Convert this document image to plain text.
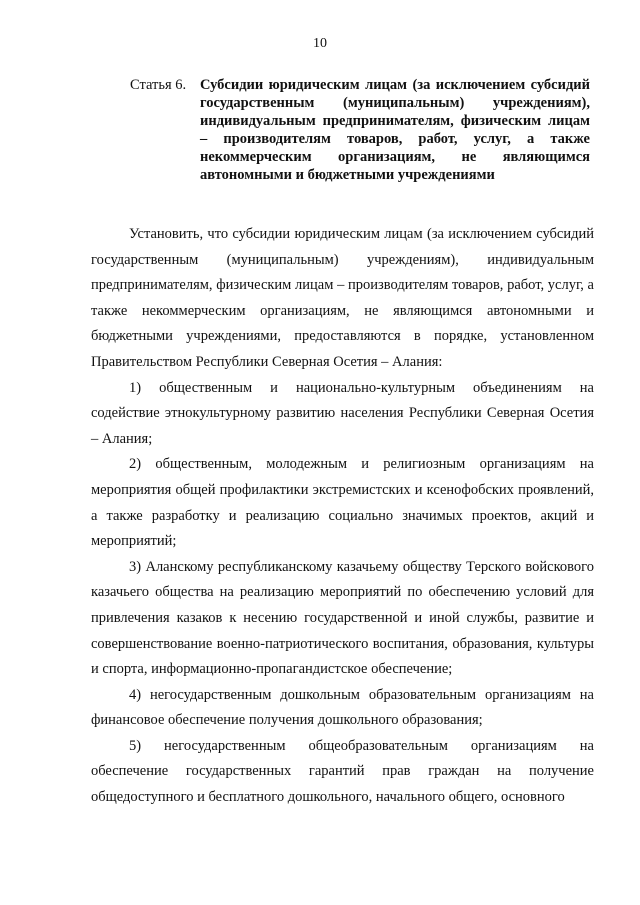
10
Статья 6. Субсидии юридическим лицам (за исключением субсидий государственным (муниципальным) учреждениям), индивидуальным предпринимателям, физическим лицам – производителям товаров, работ, услуг, а также некоммерческим организациям, не являющимся автономными и бюджетными учреждениями

Установить, что субсидии юридическим лицам (за исключением субсидий государственным (муниципальным) учреждениям), индивидуальным предпринимателям, физическим лицам – производителям товаров, работ, услуг, а также некоммерческим организациям, не являющимся автономными и бюджетными учреждениями, предоставляются в порядке, установленном Правительством Республики Северная Осетия – Алания:

1) общественным и национально-культурным объединениям на содействие этнокультурному развитию населения Республики Северная Осетия – Алания;

2) общественным, молодежным и религиозным организациям на мероприятия общей профилактики экстремистских и ксенофобских проявлений, а также разработку и реализацию социально значимых проектов, акций и мероприятий;

3) Аланскому республиканскому казачьему обществу Терского войскового казачьего общества на реализацию мероприятий по обеспечению условий для привлечения казаков к несению государственной и иной службы, развитие и совершенствование военно-патриотического воспитания, образования, культуры и спорта, информационно-пропагандистское обеспечение;

4) негосударственным дошкольным образовательным организациям на финансовое обеспечение получения дошкольного образования;

5) негосударственным общеобразовательным организациям на обеспечение государственных гарантий прав граждан на получение общедоступного и бесплатного дошкольного, начального общего, основного
